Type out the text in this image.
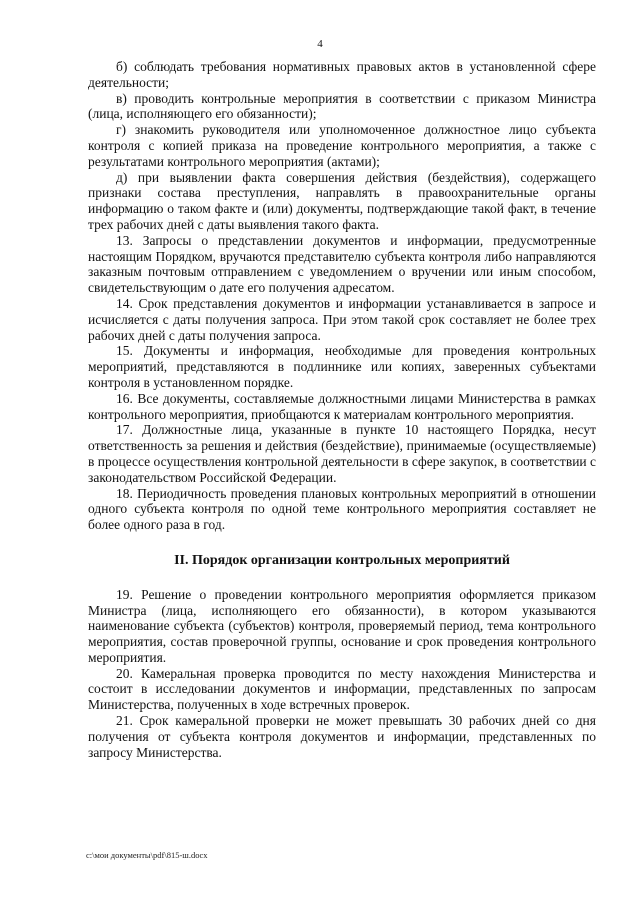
4

б) соблюдать требования нормативных правовых актов в установленной сфере деятельности;

в) проводить контрольные мероприятия в соответствии с приказом Министра (лица, исполняющего его обязанности);

г) знакомить руководителя или уполномоченное должностное лицо субъекта контроля с копией приказа на проведение контрольного мероприятия, а также с результатами контрольного мероприятия (актами);

д) при выявлении факта совершения действия (бездействия), содержащего признаки состава преступления, направлять в правоохранительные органы информацию о таком факте и (или) документы, подтверждающие такой факт, в течение трех рабочих дней с даты выявления такого факта.

13. Запросы о представлении документов и информации, предусмотренные настоящим Порядком, вручаются представителю субъекта контроля либо направляются заказным почтовым отправлением с уведомлением о вручении или иным способом, свидетельствующим о дате его получения адресатом.

14. Срок представления документов и информации устанавливается в запросе и исчисляется с даты получения запроса. При этом такой срок составляет не более трех рабочих дней с даты получения запроса.

15. Документы и информация, необходимые для проведения контрольных мероприятий, представляются в подлиннике или копиях, заверенных субъектами контроля в установленном порядке.

16. Все документы, составляемые должностными лицами Министерства в рамках контрольного мероприятия, приобщаются к материалам контрольного мероприятия.

17. Должностные лица, указанные в пункте 10 настоящего Порядка, несут ответственность за решения и действия (бездействие), принимаемые (осуществляемые) в процессе осуществления контрольной деятельности в сфере закупок, в соответствии с законодательством Российской Федерации.

18. Периодичность проведения плановых контрольных мероприятий в отношении одного субъекта контроля по одной теме контрольного мероприятия составляет не более одного раза в год.

II. Порядок организации контрольных мероприятий

19. Решение о проведении контрольного мероприятия оформляется приказом Министра (лица, исполняющего его обязанности), в котором указываются наименование субъекта (субъектов) контроля, проверяемый период, тема контрольного мероприятия, состав проверочной группы, основание и срок проведения контрольного мероприятия.

20. Камеральная проверка проводится по месту нахождения Министерства и состоит в исследовании документов и информации, представленных по запросам Министерства, полученных в ходе встречных проверок.

21. Срок камеральной проверки не может превышать 30 рабочих дней со дня получения от субъекта контроля документов и информации, представленных по запросу Министерства.

c:\мои документы\pdf\815-ш.docx
